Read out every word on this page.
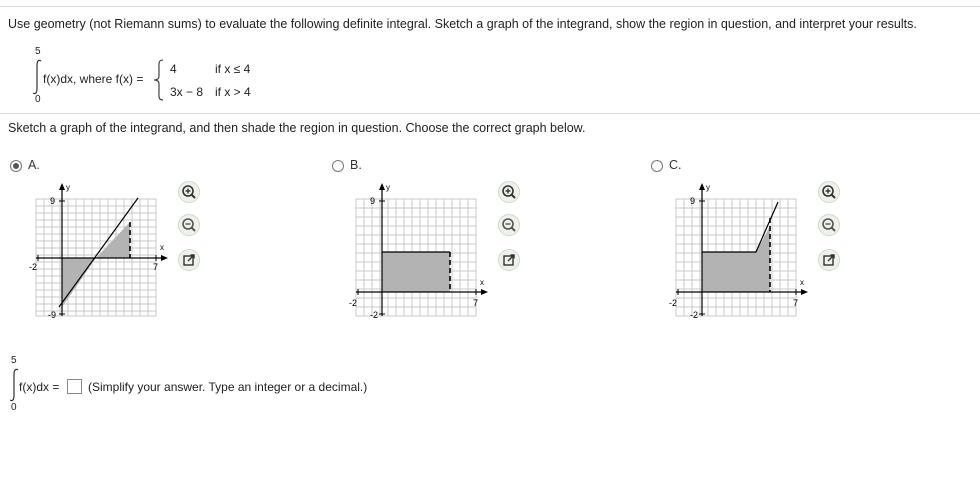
Use geometry (not Riemann sums) to evaluate the following definite integral. Sketch a graph of the integrand, show the region in question, and interpret your results.
5
0
f(x)dx, where f(x) =
4	if x ≤ 4
3x − 8 if x > 4
Sketch a graph of the integrand, and then shade the region in question. Choose the correct graph below.
A.
y
9
-9
-2	7
x
B.
y
9
-2
-2	7
x
C.
y
9
-2
-2	7
x
5
0
f(x)dx = (Simplify your answer. Type an integer or a decimal.)
